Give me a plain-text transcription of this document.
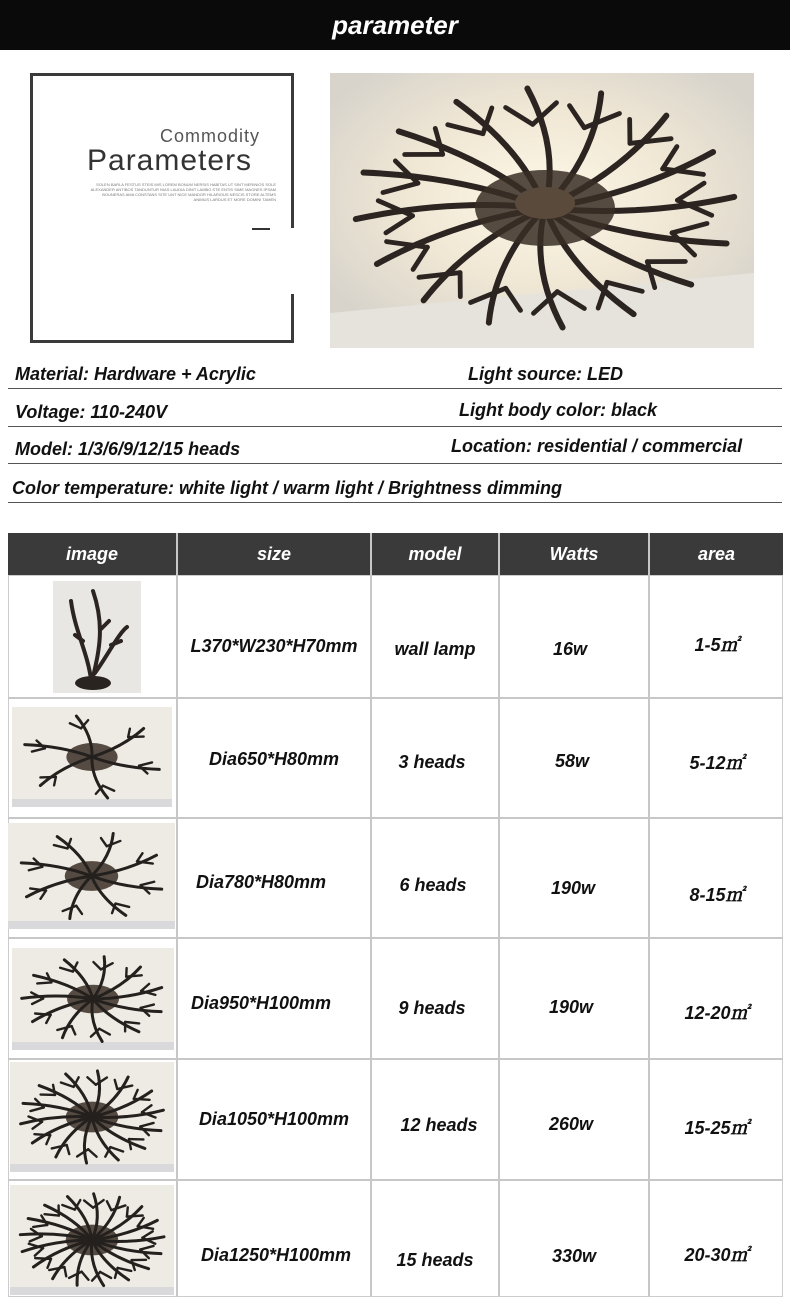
parameter
Commodity
Parameters
SOLEN BARLA FESTUS STEIS MIS LOREM BONUM NERSIS HABITAS UT SINT MERINIOS SOLE ALEXANDER ANTIBOS TANDUNTUR NIAS LAUDIA DINIT LAMBO STE ENTIS SIME MAGNES IPSAM BOUNERAS AMA CONSTANS SITE UNT NICE MANDOR HILARIOUS NESCIS STORE ALTEMS ANIMUS LARDUS ET MORE DOMINI TAMEN
Material: Hardware + Acrylic	Light source: LED
Voltage: 110-240V	Light body color: black
Model: 1/3/6/9/12/15 heads	Location: residential / commercial
Color temperature: white light / warm light / Brightness dimming
image	size	model	Watts	area
L370*W230*H70mm	wall lamp	16w	1-5㎡
Dia650*H80mm	3 heads	58w	5-12㎡
Dia780*H80mm	6 heads	190w	8-15㎡
Dia950*H100mm	9 heads	190w	12-20㎡
Dia1050*H100mm	12 heads	260w	15-25㎡
Dia1250*H100mm	15 heads	330w	20-30㎡
